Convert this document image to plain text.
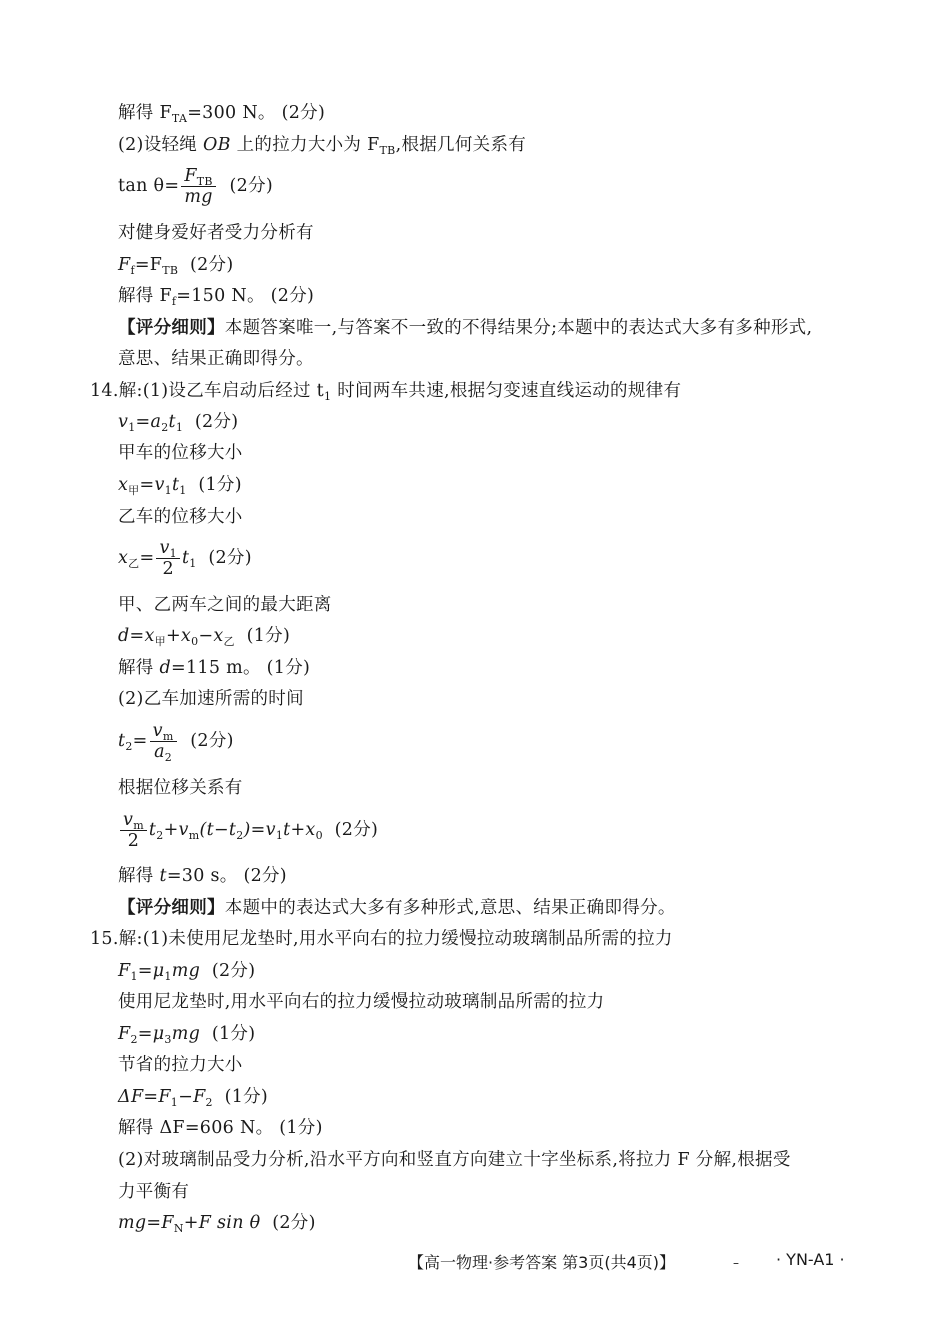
解得 $F_{TA}=300$ N。 (2分)
(2)设轻绳 OB 上的拉力大小为 $F_{TB}$,根据几何关系有
$\tan \theta= \frac{F_{TB}}{mg} (2$分)
对健身爱好者受力分析有
$F_f=F_{TB}$ (2分)
解得 $F_f=150$ N。 (2分)
【评分细则】本题答案唯一,与答案不一致的不得结果分;本题中的表达式大多有多种形式,
意思、结果正确即得分。
14.解:(1)设乙车启动后经过 $t_1$ 时间两车共速,根据匀变速直线运动的规律有
$v_1=a_2t_1$ (2分)
甲车的位移大小
$x_甲=v_1t_1$ (1分)
乙车的位移大小
$x_乙= \frac{v_1}{2} t_1$ (2分)
甲、乙两车之间的最大距离
$d=x_甲+x_0-x_乙$ (1分)
解得 d=115 m。 (1分)
(2)乙车加速所需的时间
$t_2= \frac{v_m}{a_2} (2$分)
根据位移关系有
$\frac{v_m}{2} t_2+v_m(t-t_2)=v_1t+x_0$ (2分)
解得 t=30 s。 (2分)
【评分细则】本题中的表达式大多有多种形式,意思、结果正确即得分。
15.解:(1)未使用尼龙垫时,用水平向右的拉力缓慢拉动玻璃制品所需的拉力
$F_1=\mu_1mg$ (2分)
使用尼龙垫时,用水平向右的拉力缓慢拉动玻璃制品所需的拉力
$F_2=\mu_3mg$ (1分)
节省的拉力大小
$\Delta F=F_1-F_2$ (1分)
解得 ΔF=606 N。 (1分)
(2)对玻璃制品受力分析,沿水平方向和竖直方向建立十字坐标系,将拉力 F 分解,根据受
力平衡有
$mg=F_N+F$ sin θ (2分)
【高一物理·参考答案 第3页(共4页)】	– · YN-A1 ·
